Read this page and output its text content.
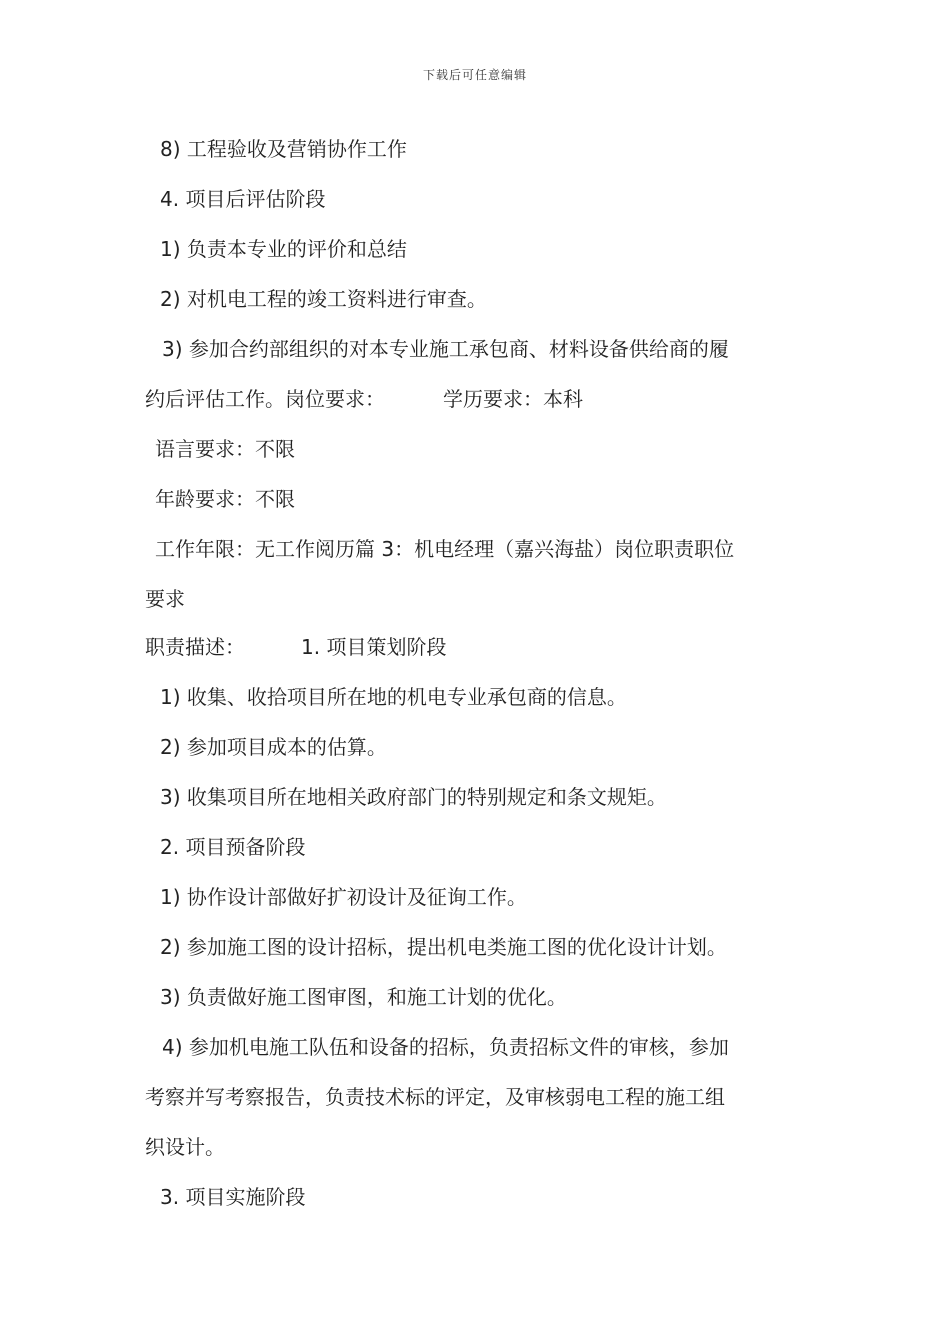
下载后可任意编辑
8) 工程验收及营销协作工作
4. 项目后评估阶段
1) 负责本专业的评价和总结
2) 对机电工程的竣工资料进行审查。
3) 参加合约部组织的对本专业施工承包商、材料设备供给商的履
约后评估工作。岗位要求：	学历要求：本科
语言要求：不限
年龄要求：不限
工作年限：无工作阅历篇 3：机电经理（嘉兴海盐）岗位职责职位
要求
职责描述：	1. 项目策划阶段
1) 收集、收拾项目所在地的机电专业承包商的信息。
2) 参加项目成本的估算。
3) 收集项目所在地相关政府部门的特别规定和条文规矩。
2. 项目预备阶段
1) 协作设计部做好扩初设计及征询工作。
2) 参加施工图的设计招标，提出机电类施工图的优化设计计划。
3) 负责做好施工图审图，和施工计划的优化。
4) 参加机电施工队伍和设备的招标，负责招标文件的审核，参加
考察并写考察报告，负责技术标的评定，及审核弱电工程的施工组
织设计。
3. 项目实施阶段
